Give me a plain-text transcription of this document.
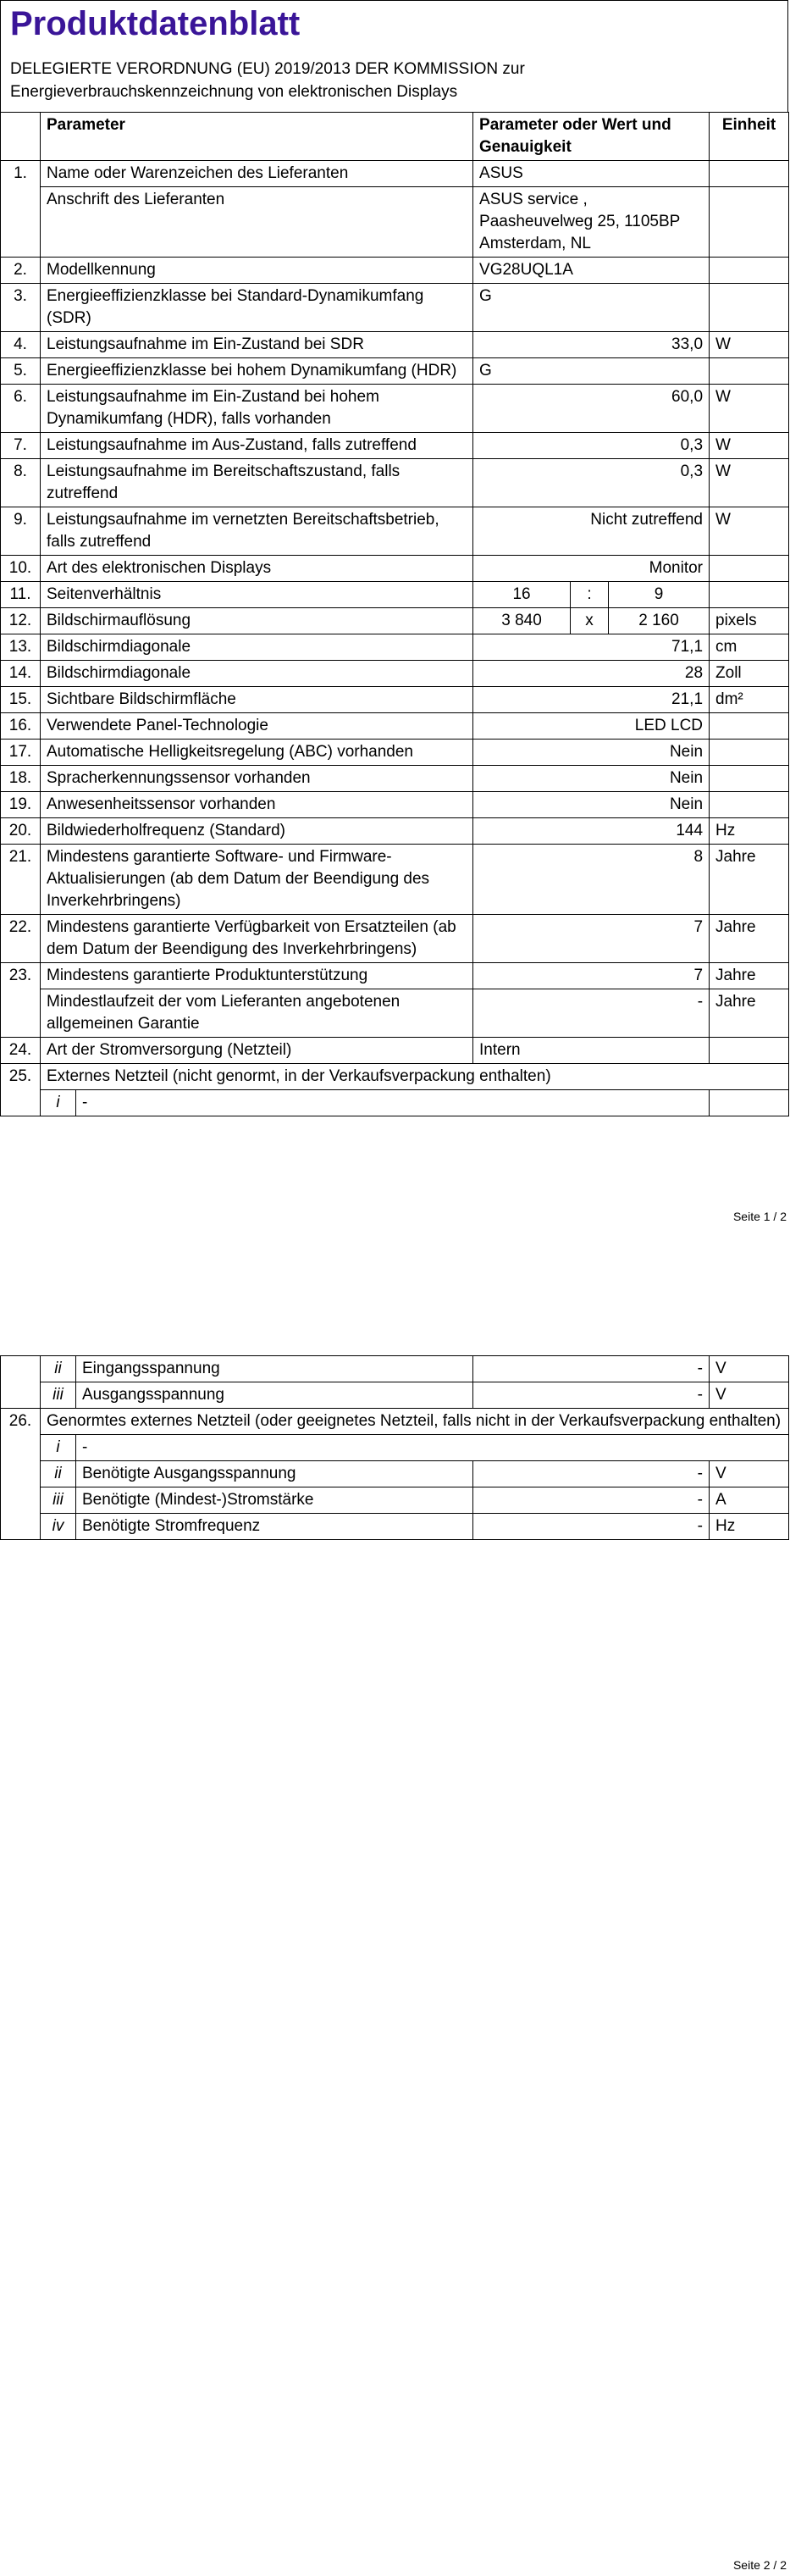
Produktdatenblatt
DELEGIERTE VERORDNUNG (EU) 2019/2013 DER KOMMISSION zur Energieverbrauchskennzeichnung von elektronischen Displays
	Parameter		Parameter oder Wert und Genauigkeit			Einheit
1.	Name oder Warenzeichen des Lieferanten		ASUS			
	Anschrift des Lieferanten		ASUS service , Paasheuvelweg 25, 1105BP Amsterdam, NL			
2.	Modellkennung		VG28UQL1A			
3.	Energieeffizienzklasse bei Standard-Dynamikumfang (SDR)		G			
4.	Leistungsaufnahme im Ein-Zustand bei SDR		33,0			W
5.	Energieeffizienzklasse bei hohem Dynamikumfang (HDR)		G			
6.	Leistungsaufnahme im Ein-Zustand bei hohem Dynamikumfang (HDR), falls vorhanden		60,0			W
7.	Leistungsaufnahme im Aus-Zustand, falls zutreffend		0,3			W
8.	Leistungsaufnahme im Bereitschaftszustand, falls zutreffend		0,3			W
9.	Leistungsaufnahme im vernetzten Bereitschaftsbetrieb, falls zutreffend		Nicht zutreffend			W
10.	Art des elektronischen Displays		Monitor			
11.	Seitenverhältnis		16	:	9	
12.	Bildschirmauflösung		3 840	x	2 160	pixels
13.	Bildschirmdiagonale		71,1			cm
14.	Bildschirmdiagonale		28			Zoll
15.	Sichtbare Bildschirmfläche		21,1			dm²
16.	Verwendete Panel-Technologie		LED LCD			
17.	Automatische Helligkeitsregelung (ABC) vorhanden		Nein			
18.	Spracherkennungssensor vorhanden		Nein			
19.	Anwesenheitssensor vorhanden		Nein			
20.	Bildwiederholfrequenz (Standard)		144			Hz
21.	Mindestens garantierte Software- und Firmware-Aktualisierungen (ab dem Datum der Beendigung des Inverkehrbringens)		8			Jahre
22.	Mindestens garantierte Verfügbarkeit von Ersatzteilen (ab dem Datum der Beendigung des Inverkehrbringens)		7			Jahre
23.	Mindestens garantierte Produktunterstützung		7			Jahre
	Mindestlaufzeit der vom Lieferanten angebotenen allgemeinen Garantie		-			Jahre
24.	Art der Stromversorgung (Netzteil)		Intern			
25.	Externes Netzteil (nicht genormt, in der Verkaufsverpackung enthalten)					
	i	-				
Seite 1 / 2
	ii	Eingangsspannung	-	V
	iii	Ausgangsspannung	-	V
26.	Genormtes externes Netzteil (oder geeignetes Netzteil, falls nicht in der Verkaufsverpackung enthalten)			
	i	-		
	ii	Benötigte Ausgangsspannung	-	V
	iii	Benötigte (Mindest-)Stromstärke	-	A
	iv	Benötigte Stromfrequenz	-	Hz
Seite 2 / 2
